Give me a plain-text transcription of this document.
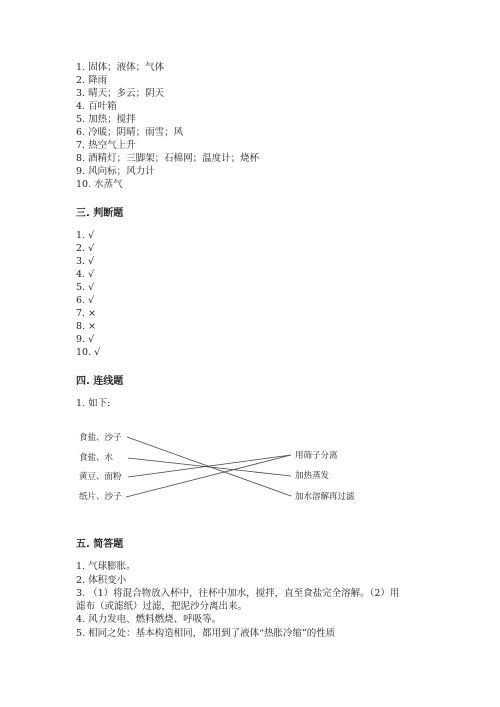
1. 固体；液体；气体
2. 降雨
3. 晴天；多云；阴天
4. 百叶箱
5. 加热；搅拌
6. 冷暖；阴晴；雨雪；风
7. 热空气上升
8. 酒精灯；三脚架；石棉网；温度计；烧杯
9. 风向标；风力计
10. 水蒸气
三. 判断题
1. √
2. √
3. √
4. √
5. √
6. √
7. ×
8. ×
9. √
10. √
四. 连线题
1. 如下:
食盐、沙子
食盐、水
黄豆、面粉
纸片、沙子
用筛子分离
加热蒸发
加水溶解再过滤
五. 简答题
1. 气球膨胀。
2. 体积变小
3. （1）将混合物放入杯中，往杯中加水，搅拌，直至食盐完全溶解。（2）用
滤布（或滤纸）过滤，把泥沙分离出来。
4. 风力发电、燃料燃烧、呼吸等。
5. 相同之处：基本构造相同，都用到了液体“热胀冷缩”的性质
